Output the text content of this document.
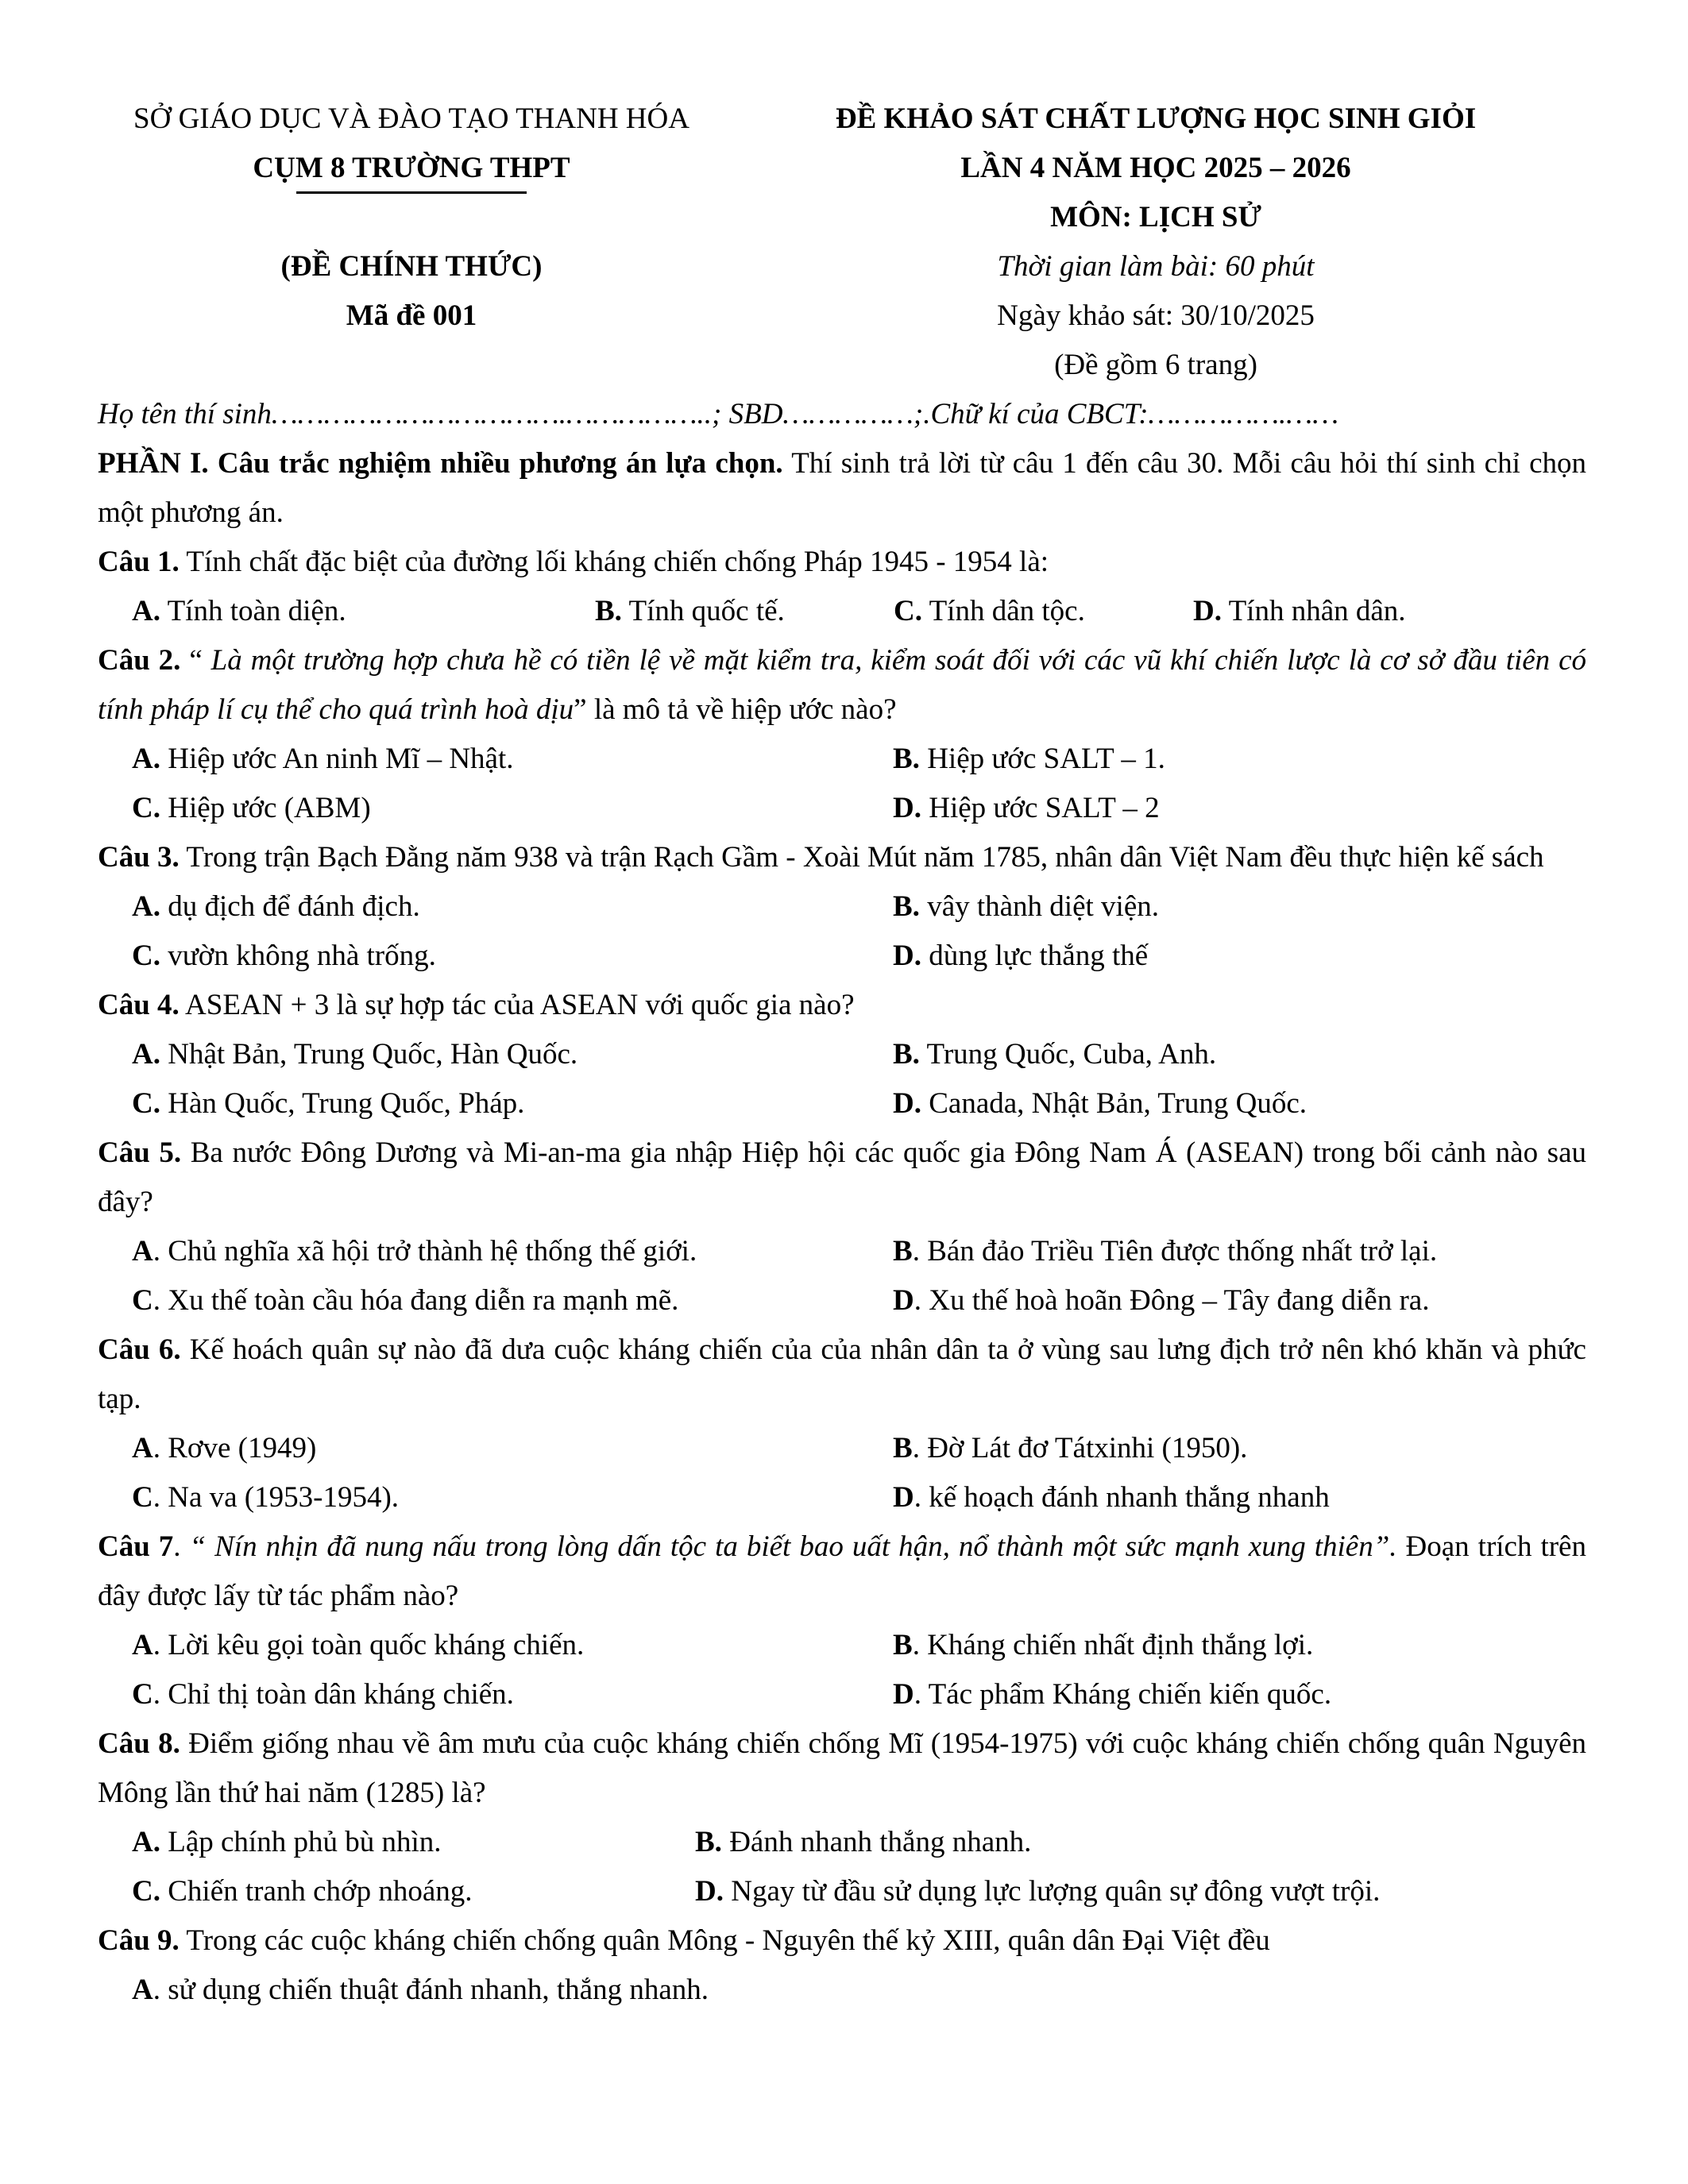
SỞ GIÁO DỤC VÀ ĐÀO TẠO THANH HÓA	ĐỀ KHẢO SÁT CHẤT LƯỢNG HỌC SINH GIỎI
CỤM 8 TRƯỜNG THPT	LẦN 4 NĂM HỌC 2025 – 2026
MÔN: LỊCH SỬ
(ĐỀ CHÍNH THỨC)	Thời gian làm bài: 60 phút
Mã đề 001	Ngày khảo sát: 30/10/2025
(Đề gồm 6 trang)
Họ tên thí sinh…………………………….……………..; SBD……………;.Chữ kí của CBCT:…………….……
PHẦN I. Câu trắc nghiệm nhiều phương án lựa chọn. Thí sinh trả lời từ câu 1 đến câu 30. Mỗi câu hỏi thí sinh chỉ chọn một phương án.
Câu 1. Tính chất đặc biệt của đường lối kháng chiến chống Pháp 1945 - 1954 là:
A. Tính toàn diện.	B. Tính quốc tế.	C. Tính dân tộc.	D. Tính nhân dân.
Câu 2. “ Là một trường hợp chưa hề có tiền lệ về mặt kiểm tra, kiểm soát đối với các vũ khí chiến lược là cơ sở đầu tiên có tính pháp lí cụ thể cho quá trình hoà dịu” là mô tả về hiệp ước nào?
A. Hiệp ước An ninh Mĩ – Nhật.	B. Hiệp ước SALT – 1.
C. Hiệp ước (ABM)	D. Hiệp ước SALT – 2
Câu 3. Trong trận Bạch Đằng năm 938 và trận Rạch Gầm - Xoài Mút năm 1785, nhân dân Việt Nam đều thực hiện kế sách
A. dụ địch để đánh địch.	B. vây thành diệt viện.
C. vườn không nhà trống.	D. dùng lực thắng thế
Câu 4. ASEAN + 3 là sự hợp tác của ASEAN với quốc gia nào?
A. Nhật Bản, Trung Quốc, Hàn Quốc.	B. Trung Quốc, Cuba, Anh.
C. Hàn Quốc, Trung Quốc, Pháp.	D. Canada, Nhật Bản, Trung Quốc.
Câu 5. Ba nước Đông Dương và Mi-an-ma gia nhập Hiệp hội các quốc gia Đông Nam Á (ASEAN) trong bối cảnh nào sau đây?
A. Chủ nghĩa xã hội trở thành hệ thống thế giới.	B. Bán đảo Triều Tiên được thống nhất trở lại.
C. Xu thế toàn cầu hóa đang diễn ra mạnh mẽ.	D. Xu thế hoà hoãn Đông – Tây đang diễn ra.
Câu 6. Kế hoách quân sự nào đã dưa cuộc kháng chiến của của nhân dân ta ở vùng sau lưng địch trở nên khó khăn và phức tạp.
A. Rơve (1949)	B. Đờ Lát đơ Tátxinhi (1950).
C. Na va (1953-1954).	D. kế hoạch đánh nhanh thắng nhanh
Câu 7. “ Nín nhịn đã nung nấu trong lòng dấn tộc ta biết bao uất hận, nổ thành một sức mạnh xung thiên”. Đoạn trích trên đây được lấy từ tác phẩm nào?
A. Lời kêu gọi toàn quốc kháng chiến.	B. Kháng chiến nhất định thắng lợi.
C. Chỉ thị toàn dân kháng chiến.	D. Tác phẩm Kháng chiến kiến quốc.
Câu 8. Điểm giống nhau về âm mưu của cuộc kháng chiến chống Mĩ (1954-1975) với cuộc kháng chiến chống quân Nguyên Mông lần thứ hai năm (1285) là?
A. Lập chính phủ bù nhìn.	B. Đánh nhanh thắng nhanh.
C. Chiến tranh chớp nhoáng.	D. Ngay từ đầu sử dụng lực lượng quân sự đông vượt trội.
Câu 9. Trong các cuộc kháng chiến chống quân Mông - Nguyên thế kỷ XIII, quân dân Đại Việt đều
A. sử dụng chiến thuật đánh nhanh, thắng nhanh.
